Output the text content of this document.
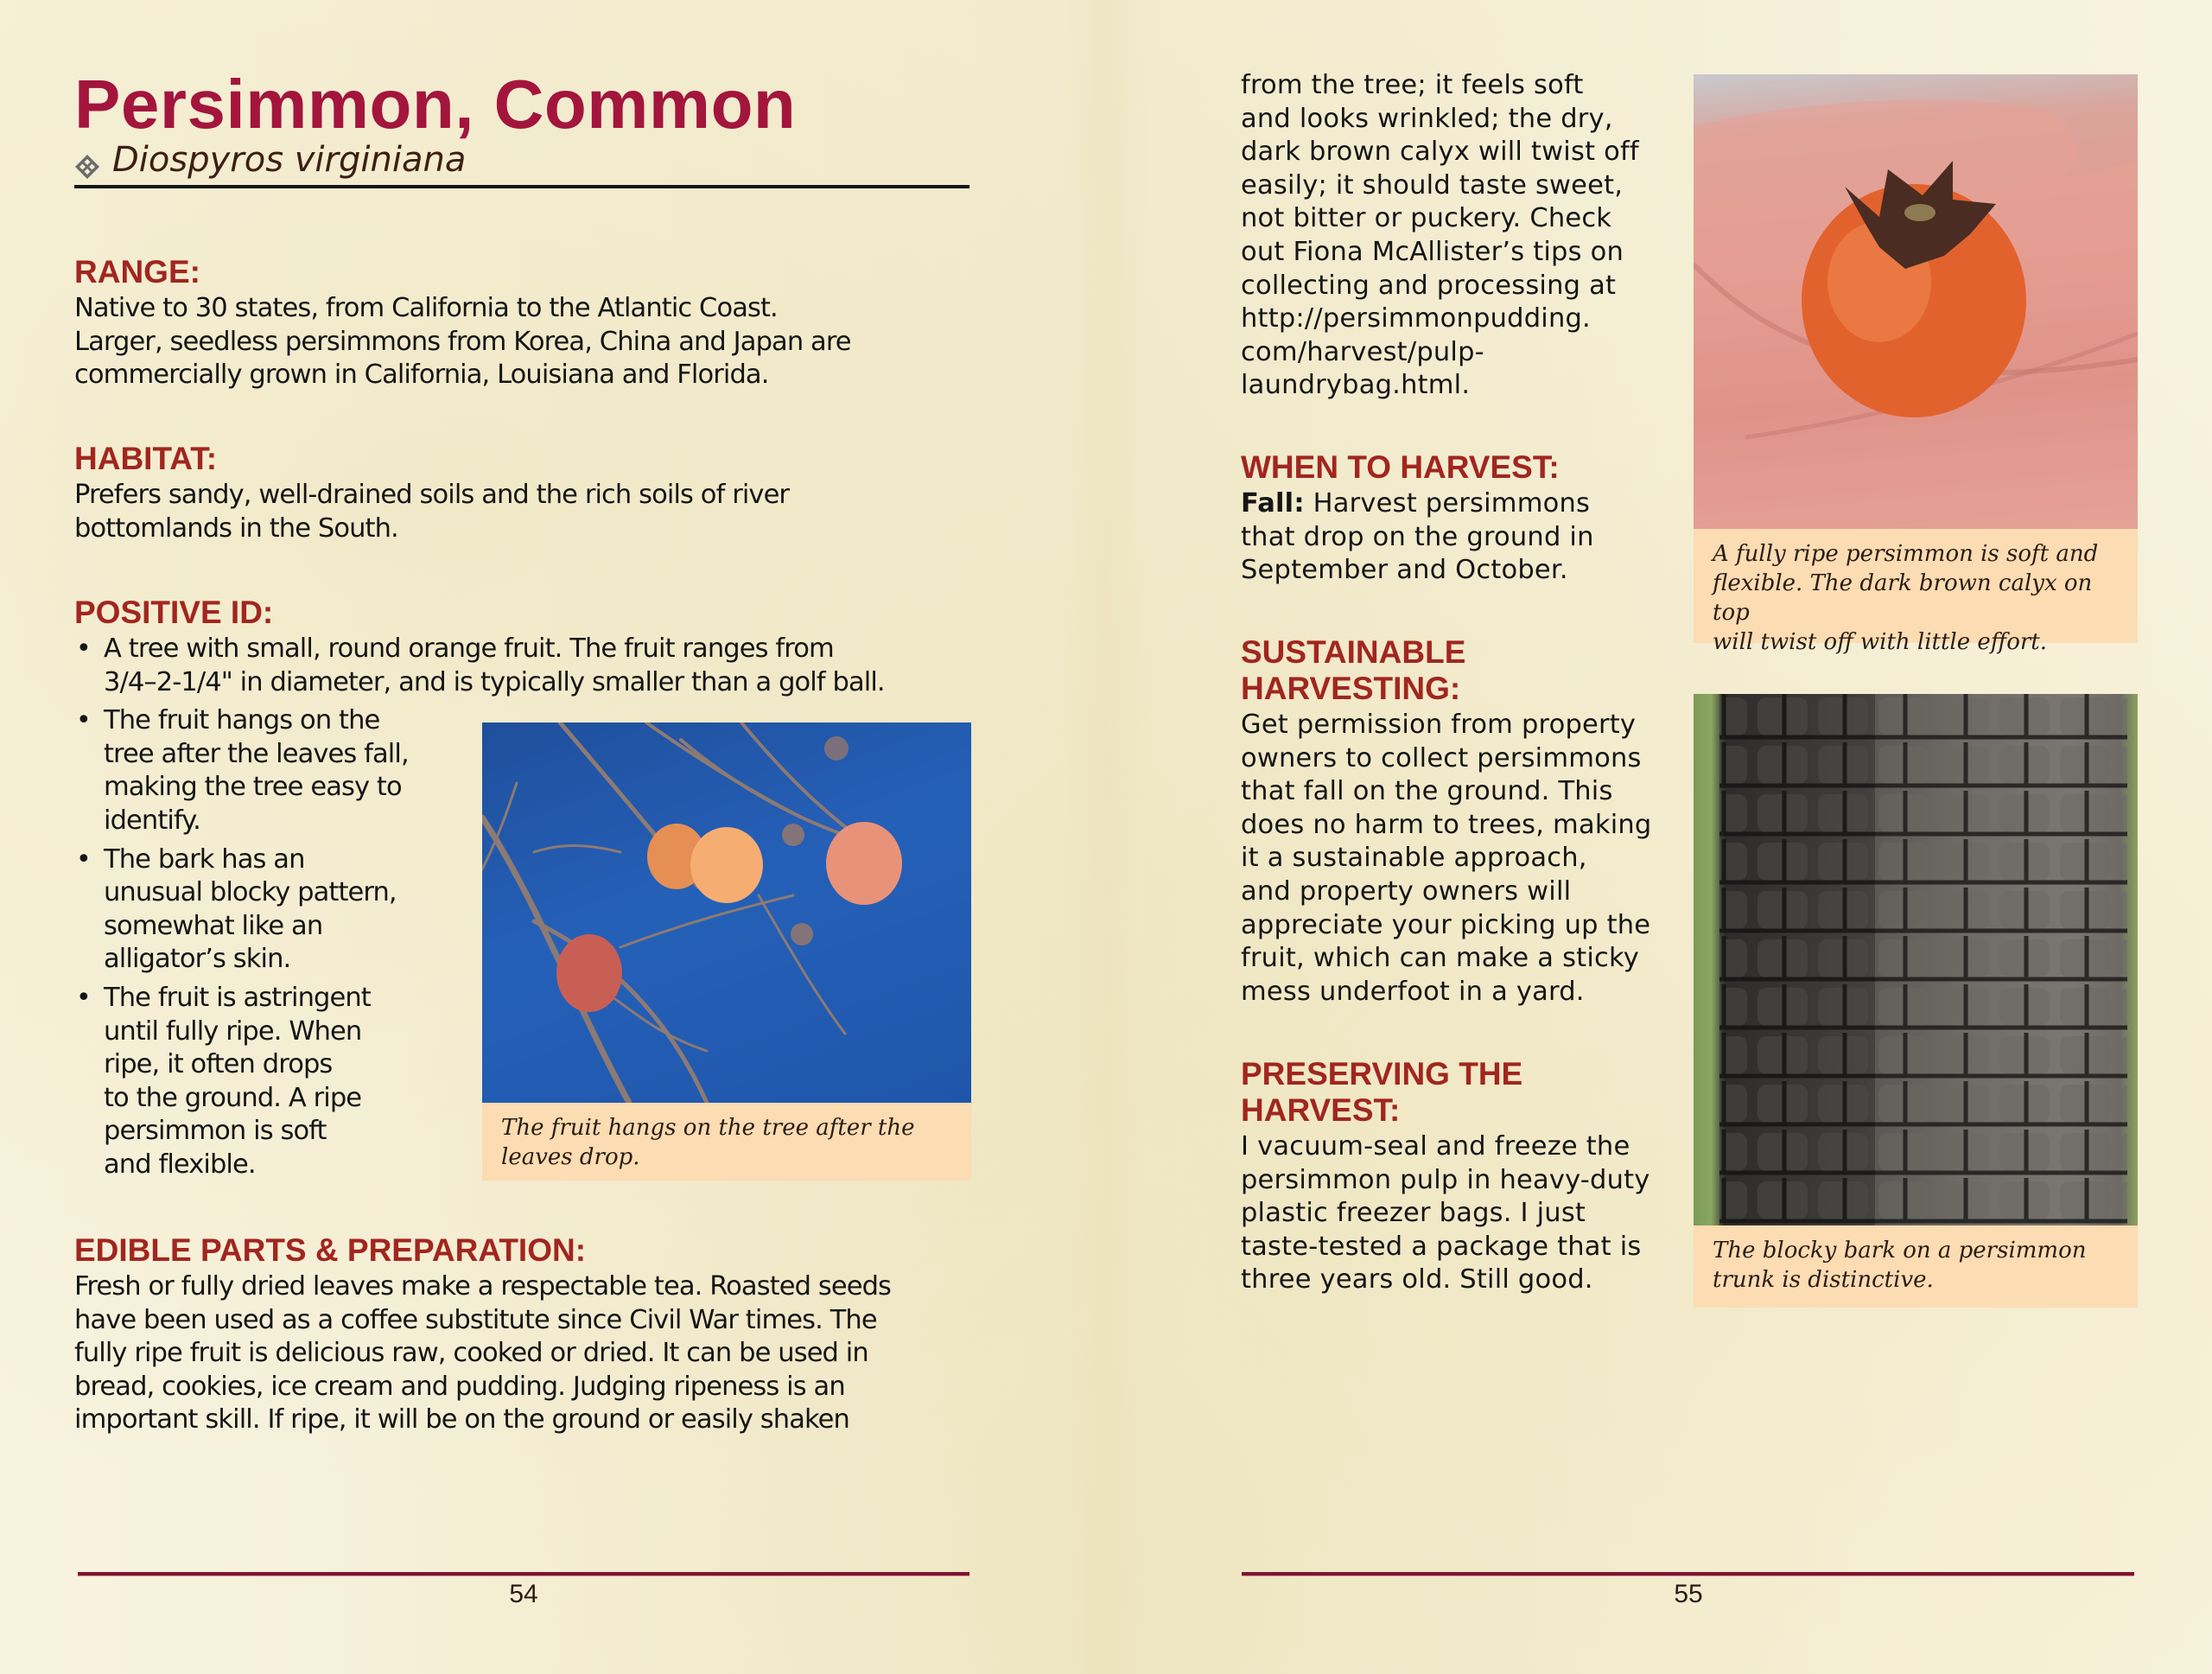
Persimmon, Common
Diospyros virginiana
RANGE:

Native to 30 states, from California to the Atlantic Coast.
Larger, seedless persimmons from Korea, China and Japan are
commercially grown in California, Louisiana and Florida.

HABITAT:

Prefers sandy, well-drained soils and the rich soils of river
bottomlands in the South.

POSITIVE ID:
• A tree with small, round orange fruit. The fruit ranges from
3/4–2-1/4" in diameter, and is typically smaller than a golf ball.
• The fruit hangs on the
tree after the leaves fall,
making the tree easy to
identify.
• The bark has an
unusual blocky pattern,
somewhat like an
alligator’s skin.
• The fruit is astringent
until fully ripe. When
ripe, it often drops
to the ground. A ripe
persimmon is soft
and flexible.
The fruit hangs on the tree after the
leaves drop.
EDIBLE PARTS & PREPARATION:

Fresh or fully dried leaves make a respectable tea. Roasted seeds
have been used as a coffee substitute since Civil War times. The
fully ripe fruit is delicious raw, cooked or dried. It can be used in
bread, cookies, ice cream and pudding. Judging ripeness is an
important skill. If ripe, it will be on the ground or easily shaken

54

from the tree; it feels soft
and looks wrinkled; the dry,
dark brown calyx will twist off
easily; it should taste sweet,
not bitter or puckery. Check
out Fiona McAllister’s tips on
collecting and processing at
http://persimmonpudding.
com/harvest/pulp-
laundrybag.html.

WHEN TO HARVEST:

Fall: Harvest persimmons
that drop on the ground in
September and October.

SUSTAINABLE
HARVESTING:

Get permission from property
owners to collect persimmons
that fall on the ground. This
does no harm to trees, making
it a sustainable approach,
and property owners will
appreciate your picking up the
fruit, which can make a sticky
mess underfoot in a yard.

PRESERVING THE
HARVEST:

I vacuum-seal and freeze the
persimmon pulp in heavy-duty
plastic freezer bags. I just
taste-tested a package that is
three years old. Still good.

A fully ripe persimmon is soft and
flexible. The dark brown calyx on top
will twist off with little effort.
The blocky bark on a persimmon
trunk is distinctive.
55
